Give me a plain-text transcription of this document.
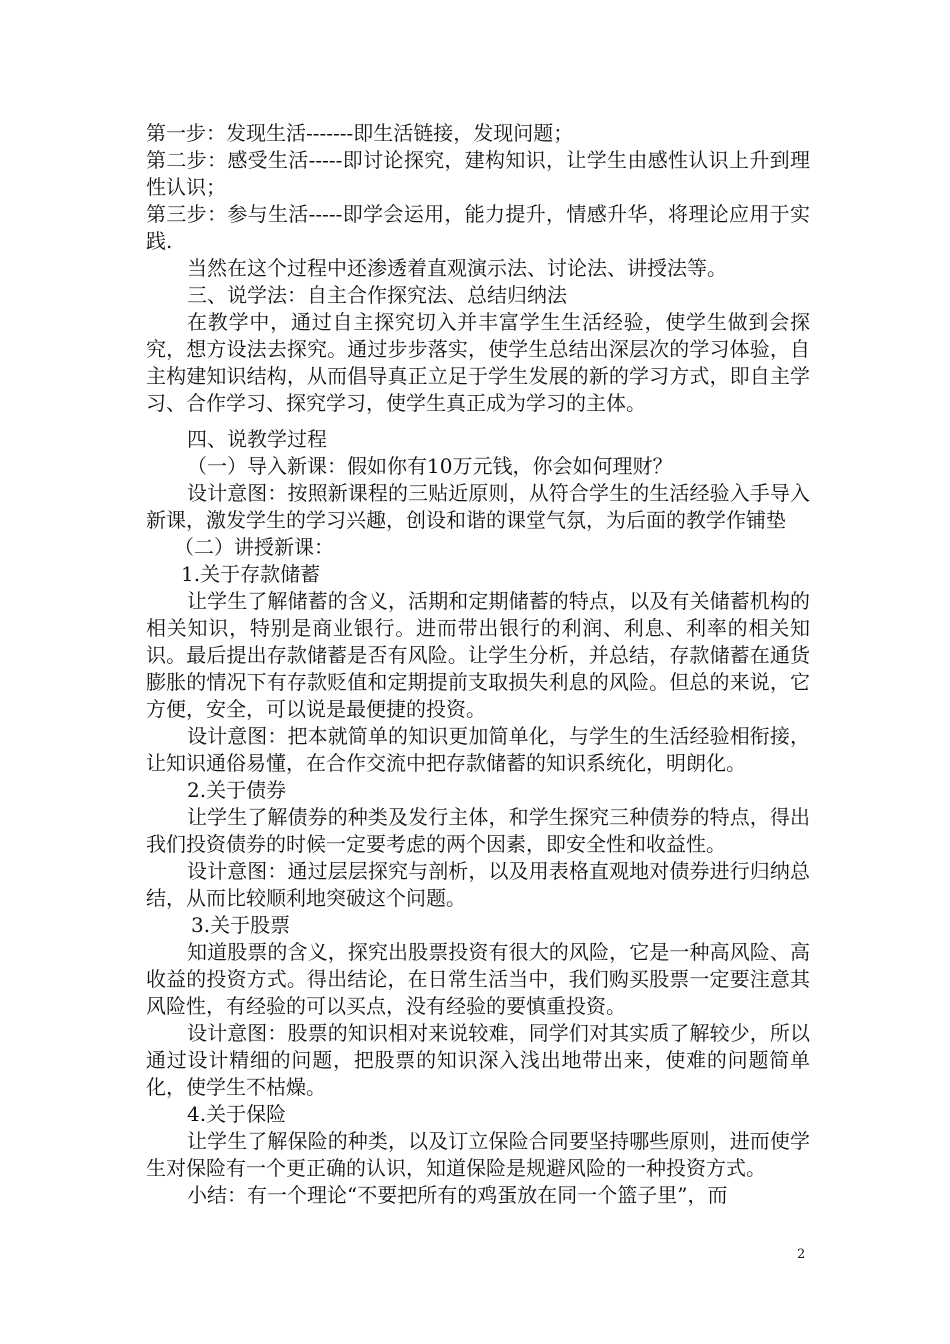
第一步：发现生活-------即生活链接，发现问题；

第二步：感受生活-----即讨论探究，建构知识，让学生由感性认识上升到理性认识；

第三步：参与生活-----即学会运用，能力提升，情感升华，将理论应用于实践.

当然在这个过程中还渗透着直观演示法、讨论法、讲授法等。

三、说学法：自主合作探究法、总结归纳法

在教学中，通过自主探究切入并丰富学生生活经验，使学生做到会探究，想方设法去探究。通过步步落实，使学生总结出深层次的学习体验，自主构建知识结构，从而倡导真正立足于学生发展的新的学习方式，即自主学习、合作学习、探究学习，使学生真正成为学习的主体。

四、说教学过程

（一）导入新课：假如你有10万元钱，你会如何理财？

设计意图：按照新课程的三贴近原则，从符合学生的生活经验入手导入新课，激发学生的学习兴趣，创设和谐的课堂气氛，为后面的教学作铺垫

（二）讲授新课：

1.关于存款储蓄

让学生了解储蓄的含义，活期和定期储蓄的特点，以及有关储蓄机构的相关知识，特别是商业银行。进而带出银行的利润、利息、利率的相关知识。最后提出存款储蓄是否有风险。让学生分析，并总结，存款储蓄在通货膨胀的情况下有存款贬值和定期提前支取损失利息的风险。但总的来说，它方便，安全，可以说是最便捷的投资。

设计意图：把本就简单的知识更加简单化，与学生的生活经验相衔接，让知识通俗易懂，在合作交流中把存款储蓄的知识系统化，明朗化。

2.关于债券

让学生了解债券的种类及发行主体，和学生探究三种债券的特点，得出我们投资债券的时候一定要考虑的两个因素，即安全性和收益性。

设计意图：通过层层探究与剖析，以及用表格直观地对债券进行归纳总结，从而比较顺利地突破这个问题。

3.关于股票

知道股票的含义，探究出股票投资有很大的风险，它是一种高风险、高收益的投资方式。得出结论，在日常生活当中，我们购买股票一定要注意其风险性，有经验的可以买点，没有经验的要慎重投资。

设计意图：股票的知识相对来说较难，同学们对其实质了解较少，所以通过设计精细的问题，把股票的知识深入浅出地带出来，使难的问题简单化，使学生不枯燥。

4.关于保险

让学生了解保险的种类，以及订立保险合同要坚持哪些原则，进而使学生对保险有一个更正确的认识，知道保险是规避风险的一种投资方式。

小结：有一个理论“不要把所有的鸡蛋放在同一个篮子里”，而

2
